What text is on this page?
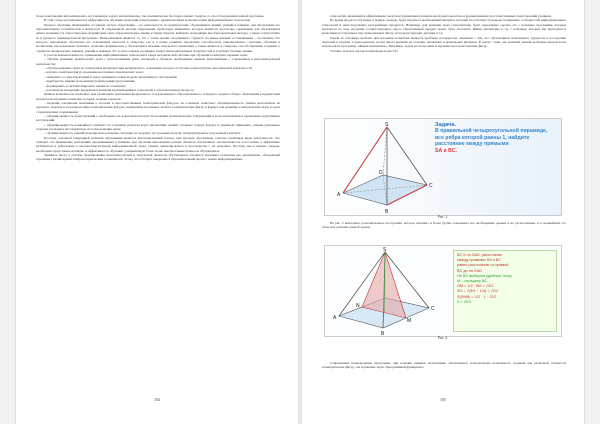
более помогающих визуализировать поставленную задачу математически, так и нематически, бесспорно являет сходную со способом решения данной проблемы.

В этой статье рассматривается эффективность обучения геометрии в интеграции с дидактическими возможностями информационных технологий.

Процесс обучения, являющийся составной частью образования – это деятельность по приобретению обучающимся знаний, умений и навыков, для обеспечения его образовательных потребностей и интересов. В современной системе образования, происходят изменения, которые являются достаточно серьёзными для обучающихся имеют возможность самостоятельно формировать свою образовательную линию и таким образом, выбирать подходящие им образовательные методы, а также осуществлять ее в процессе индивидуальной программы. Немаловажным является то, что с точки зрения сегодняшнего студента, на менее важным составляющим – воспитание, без которого невозможно обеспечить его становление личности в обществе, где и в плане развития творческих способностей. Одновременное сочетание обучения и воспитания, как показывает практика, позволяет формировать у обучающихся желание творческого мышления, а также является и стимулом, способствующим созданию у студентов эмоционально навыков, умений и навыков. Это в свою очередь расширяет спектр интеллектуальных потребностей и углубляет базовые знания.

С учетом вышеизложенного, применение информационных технологий в сфере методической системы при обучении геометрии сохраняет цели:

– обучить решению практических задач с использованием длин, площадей и объемов, необходимые навыки, выполняющие с сохранением в интеллектуальной деятельности;

– обучить решению задач по геометрии и интерпретации метрического, основанием которого в системе работы научно-методической деятельности:

– научить свойствам фигур и решения несложных практических задач;
– знакомить со существующими и уметь применять новые модели программного обеспечения;
– приобретать навыки пользования графическими программами;
– формировать и систематизировать знания по геометрии;
– реализовать концепцию внедрения и развития мультимедийных технологий в образовательном процессе.

Данные возможности позволяют нам реализовать требования федерального государственного образовательного стандарта среднего общего образования к предметным результатам изучения геометрии, которые должны отражать:

– владение основными понятиями о плоских и пространственных геометрических фигурах, их основных свойствах; сформированность умения распознавать на чертежах, моделях и в реальном мире геометрические фигуры; применение изученных свойств геометрических фигур и формул для решения геометрических задач и задач с практическим содержанием;

– сформированность представлений о необходимости доказательства при обосновании математических утверждений и роли аксиоматики в проведении дедуктивных рассуждений;

– сформированность понятийного аппарата по основным разделам курса математики; знаний основных теорем, формул и умения их применять; умения доказывать теоремы и находить нестандартные способы решения задач;

– сформированность умений моделировать реальные ситуации, исследовать построенные модели, интерпретировать полученный результат.

Поэтому, основной тенденцией развития образования является интегрированный подход, при котором образование сочетает различные виды деятельности. Это означает, что применение требований, предъявляемых к знаниям, при обучении выполнению разных объектов обеспечивает систематичность и постоянно в эффективно разбираться и действовать в высокотехнологичной информационной среде, умение ориентироваться в пространстве с их помощью. Поэтому, мы в первую очередь, необходимо представить наглядно и эффективность обучения, учитывающую более полно мыслительные процессы обучающихся.

Значимое место в системе формирования интеллектуальной и творческой личности обучающихся отводится изучению геометрии как дисциплины, обладающей огромным гуманитарным и мировоззренческим потенциалом. Этому способствует внедрение в образовательный процесс новых информационных

104

технологий, являющихся эффективным средством управления познавательной деятельностью и формированием пространственных представлений учеников.

Во время процесса обучения, в первую очередь, будет изучаться необходимый материал, который способствует большему пониманию особенностей информационных технологий и непосредственно программных продуктов. Например, для решения задач стереометрии, будет предложено сделать это с помощью программы, которые изучаются по ходу изучения соответствующего курса. Программный продукт может быть GeoGebra, Живая математика и т.д. с помощью которых мы преподаем и выполняем построения и пространственных фигур, используя чертежи, рисунки и т.д.

Одной из основных проблем при изучении геометрии является проблема наглядности, связанная с тем, что обучающиеся испытывают трудности в построении чертежей к задачам, а преподаватель тратит много времени на создание наглядных и правильных рисунков. В связи с этим, для решения данной проблемы предлагается использовать программу «Живая математика». Например, задача на построение и изучение пространственных фигур.

Условие задачи и чертеж изображены на рис.№1

S
A
B
C
D
Задача.
В правильной четырехугольной пирамиде,
все ребра которой равны 1, найдите
расстояние между прямыми
SA и BC.
Рис. 1.

На рис. 2 выполнено дополнительное построение, которое наглядно и более удобно показывает все необходимые данные и их расположение, и в дальнейшем это облегчает решение данной задачи.

S
A
B
C
M
N
BC II пл.SAD, расстояние
между прямыми SA и BC
равно расстоянию от прямой
BC до пл.SAD.
Не BC выберем удобную точку
М – середину ВС.
ОМ = 1/2 ; SM = √3/2
SO = √(3/4 − 1/4) = √2/2
S(SMN) = 1/2 · 1 · √2/2
h = √6/3
Рис. 2.

Современные компьютерные программы, при наличии навыков пользования, обеспечивают пользователям возможность создания как различной сложности геометрических фигур, так и решение задач. Программный функционал

105
